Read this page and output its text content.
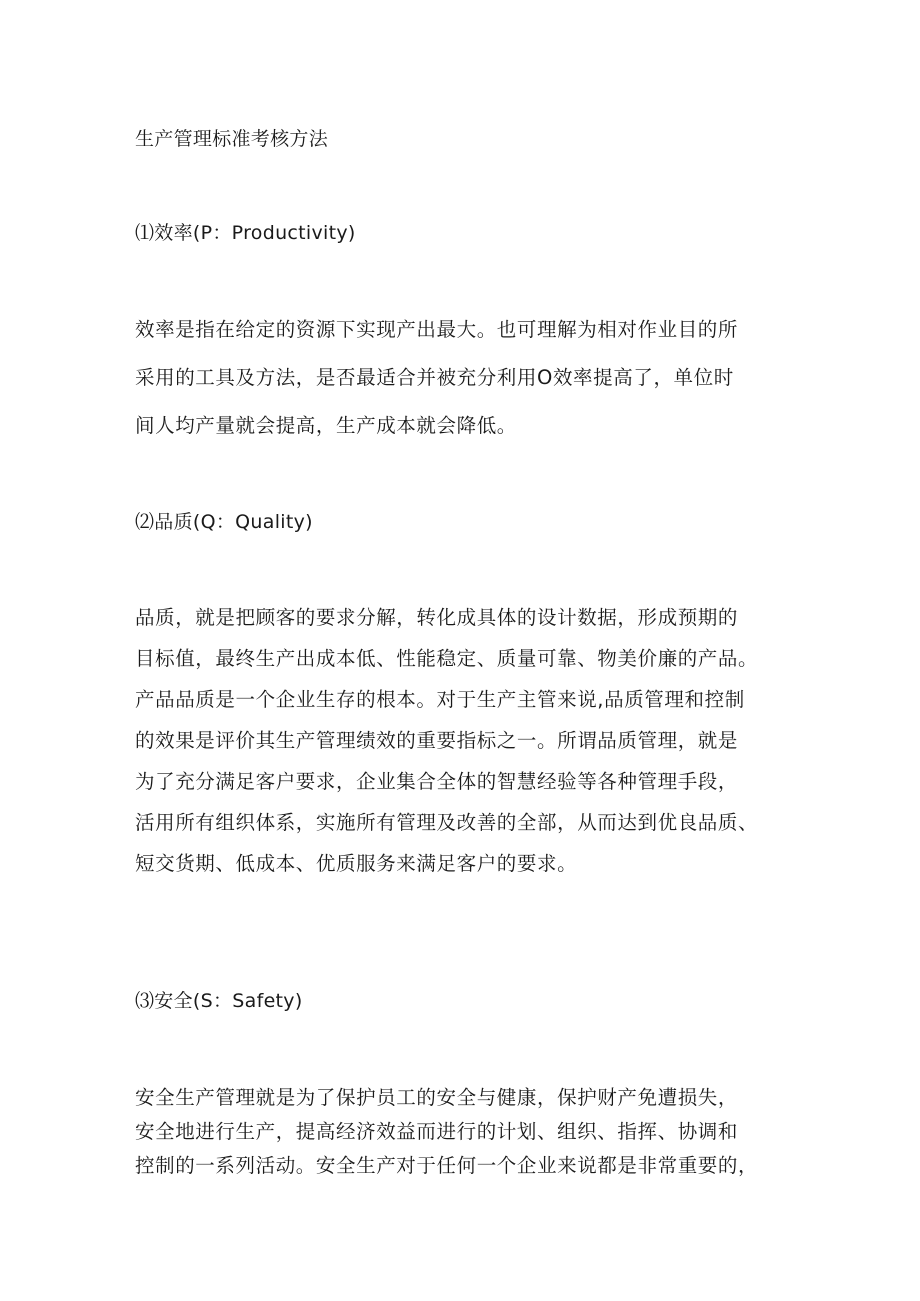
生产管理标准考核方法

⑴效率(P：Productivity)

效率是指在给定的资源下实现产出最大。也可理解为相对作业目的所
采用的工具及方法，是否最适合并被充分利用O效率提高了，单位时
间人均产量就会提高，生产成本就会降低。

⑵品质(Q：Quality)

品质，就是把顾客的要求分解，转化成具体的设计数据，形成预期的
目标值，最终生产出成本低、性能稳定、质量可靠、物美价廉的产品。
产品品质是一个企业生存的根本。对于生产主管来说,品质管理和控制
的效果是评价其生产管理绩效的重要指标之一。所谓品质管理，就是
为了充分满足客户要求，企业集合全体的智慧经验等各种管理手段，
活用所有组织体系，实施所有管理及改善的全部，从而达到优良品质、
短交货期、低成本、优质服务来满足客户的要求。

⑶安全(S：Safety)

安全生产管理就是为了保护员工的安全与健康，保护财产免遭损失，
安全地进行生产，提高经济效益而进行的计划、组织、指挥、协调和
控制的一系列活动。安全生产对于任何一个企业来说都是非常重要的，
